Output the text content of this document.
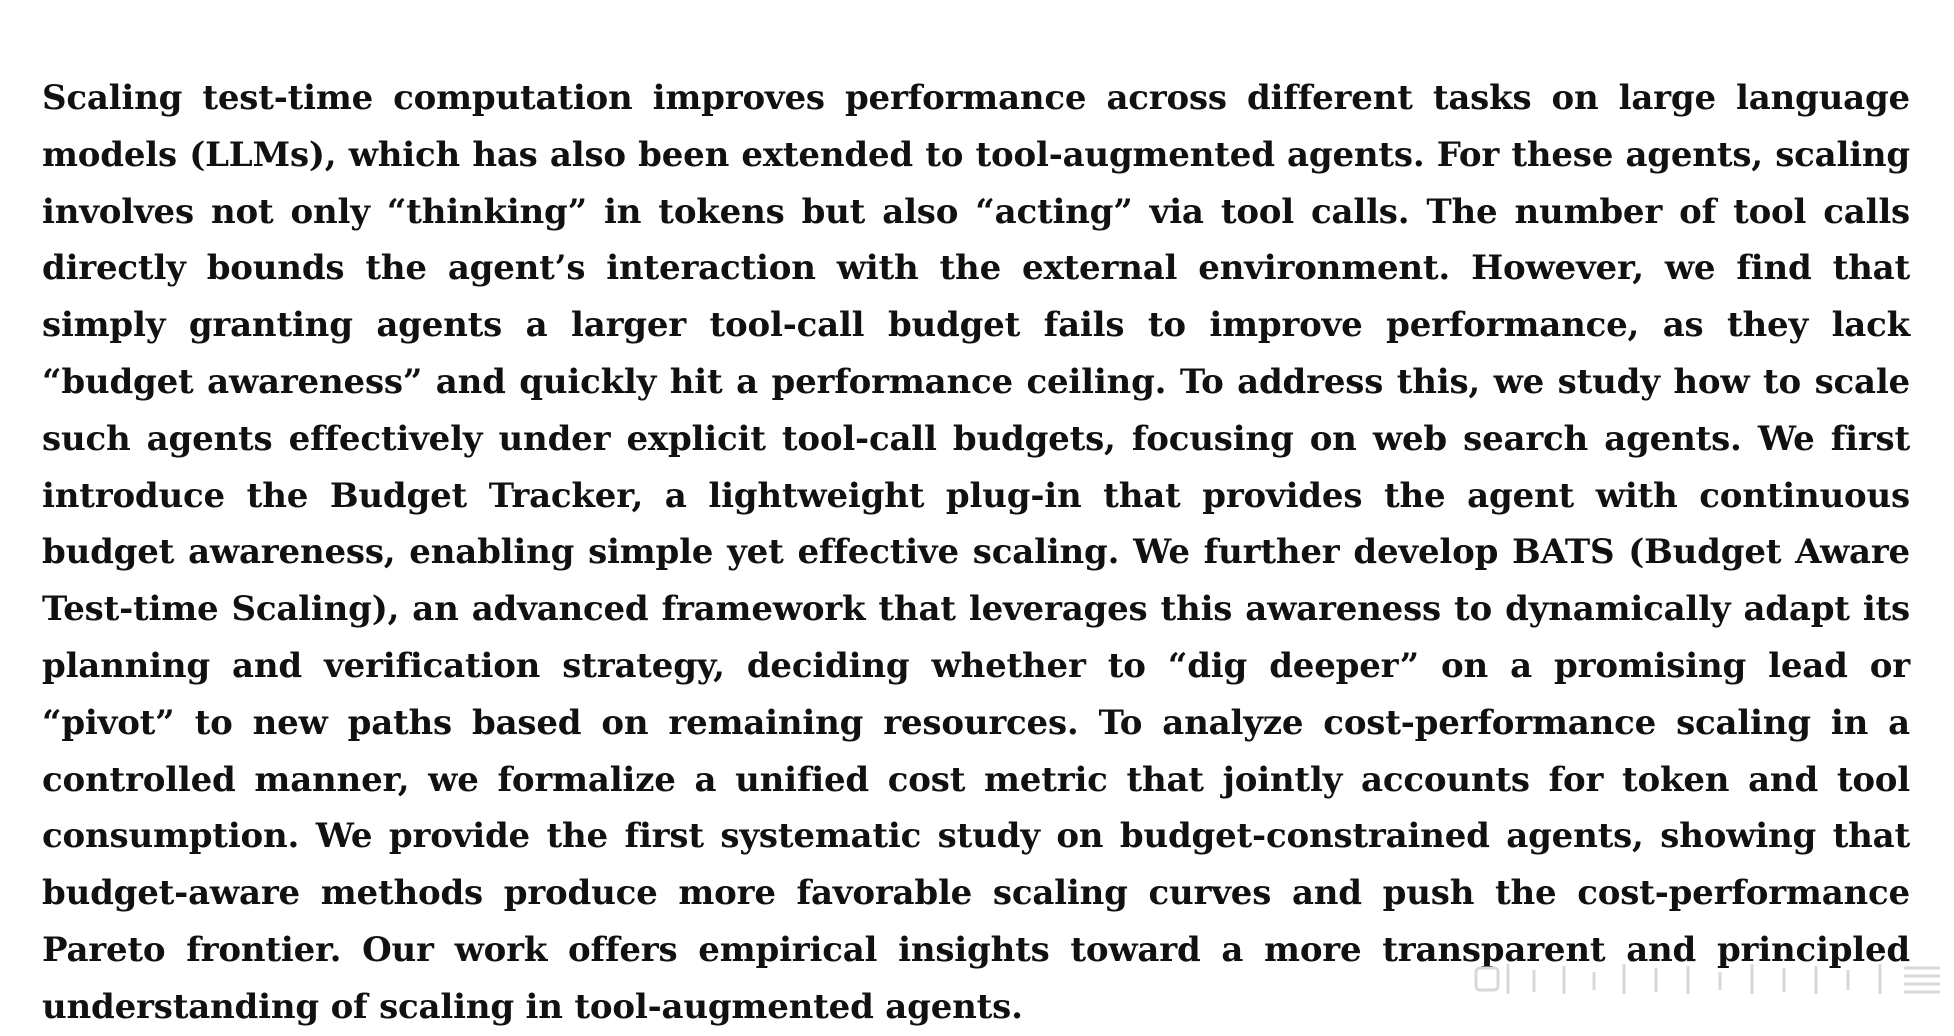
Scaling test-time computation improves performance across different tasks on large language models (LLMs), which has also been extended to tool-augmented agents. For these agents, scaling involves not only “thinking” in tokens but also “acting” via tool calls. The number of tool calls directly bounds the agent’s interaction with the external environment. However, we find that simply granting agents a larger tool-call budget fails to improve performance, as they lack “budget awareness” and quickly hit a performance ceiling. To address this, we study how to scale such agents effectively under explicit tool-call budgets, focusing on web search agents. We first introduce the Budget Tracker, a lightweight plug-in that provides the agent with continuous budget awareness, enabling simple yet effective scaling. We further develop BATS (Budget Aware Test-time Scaling), an advanced framework that leverages this awareness to dynamically adapt its planning and verification strategy, deciding whether to “dig deeper” on a promising lead or “pivot” to new paths based on remaining resources. To analyze cost-performance scaling in a controlled manner, we formalize a unified cost metric that jointly accounts for token and tool consumption. We provide the first systematic study on budget-constrained agents, showing that budget-aware methods produce more favorable scaling curves and push the cost-performance Pareto frontier. Our work offers empirical insights toward a more transparent and principled understanding of scaling in tool-augmented agents.
